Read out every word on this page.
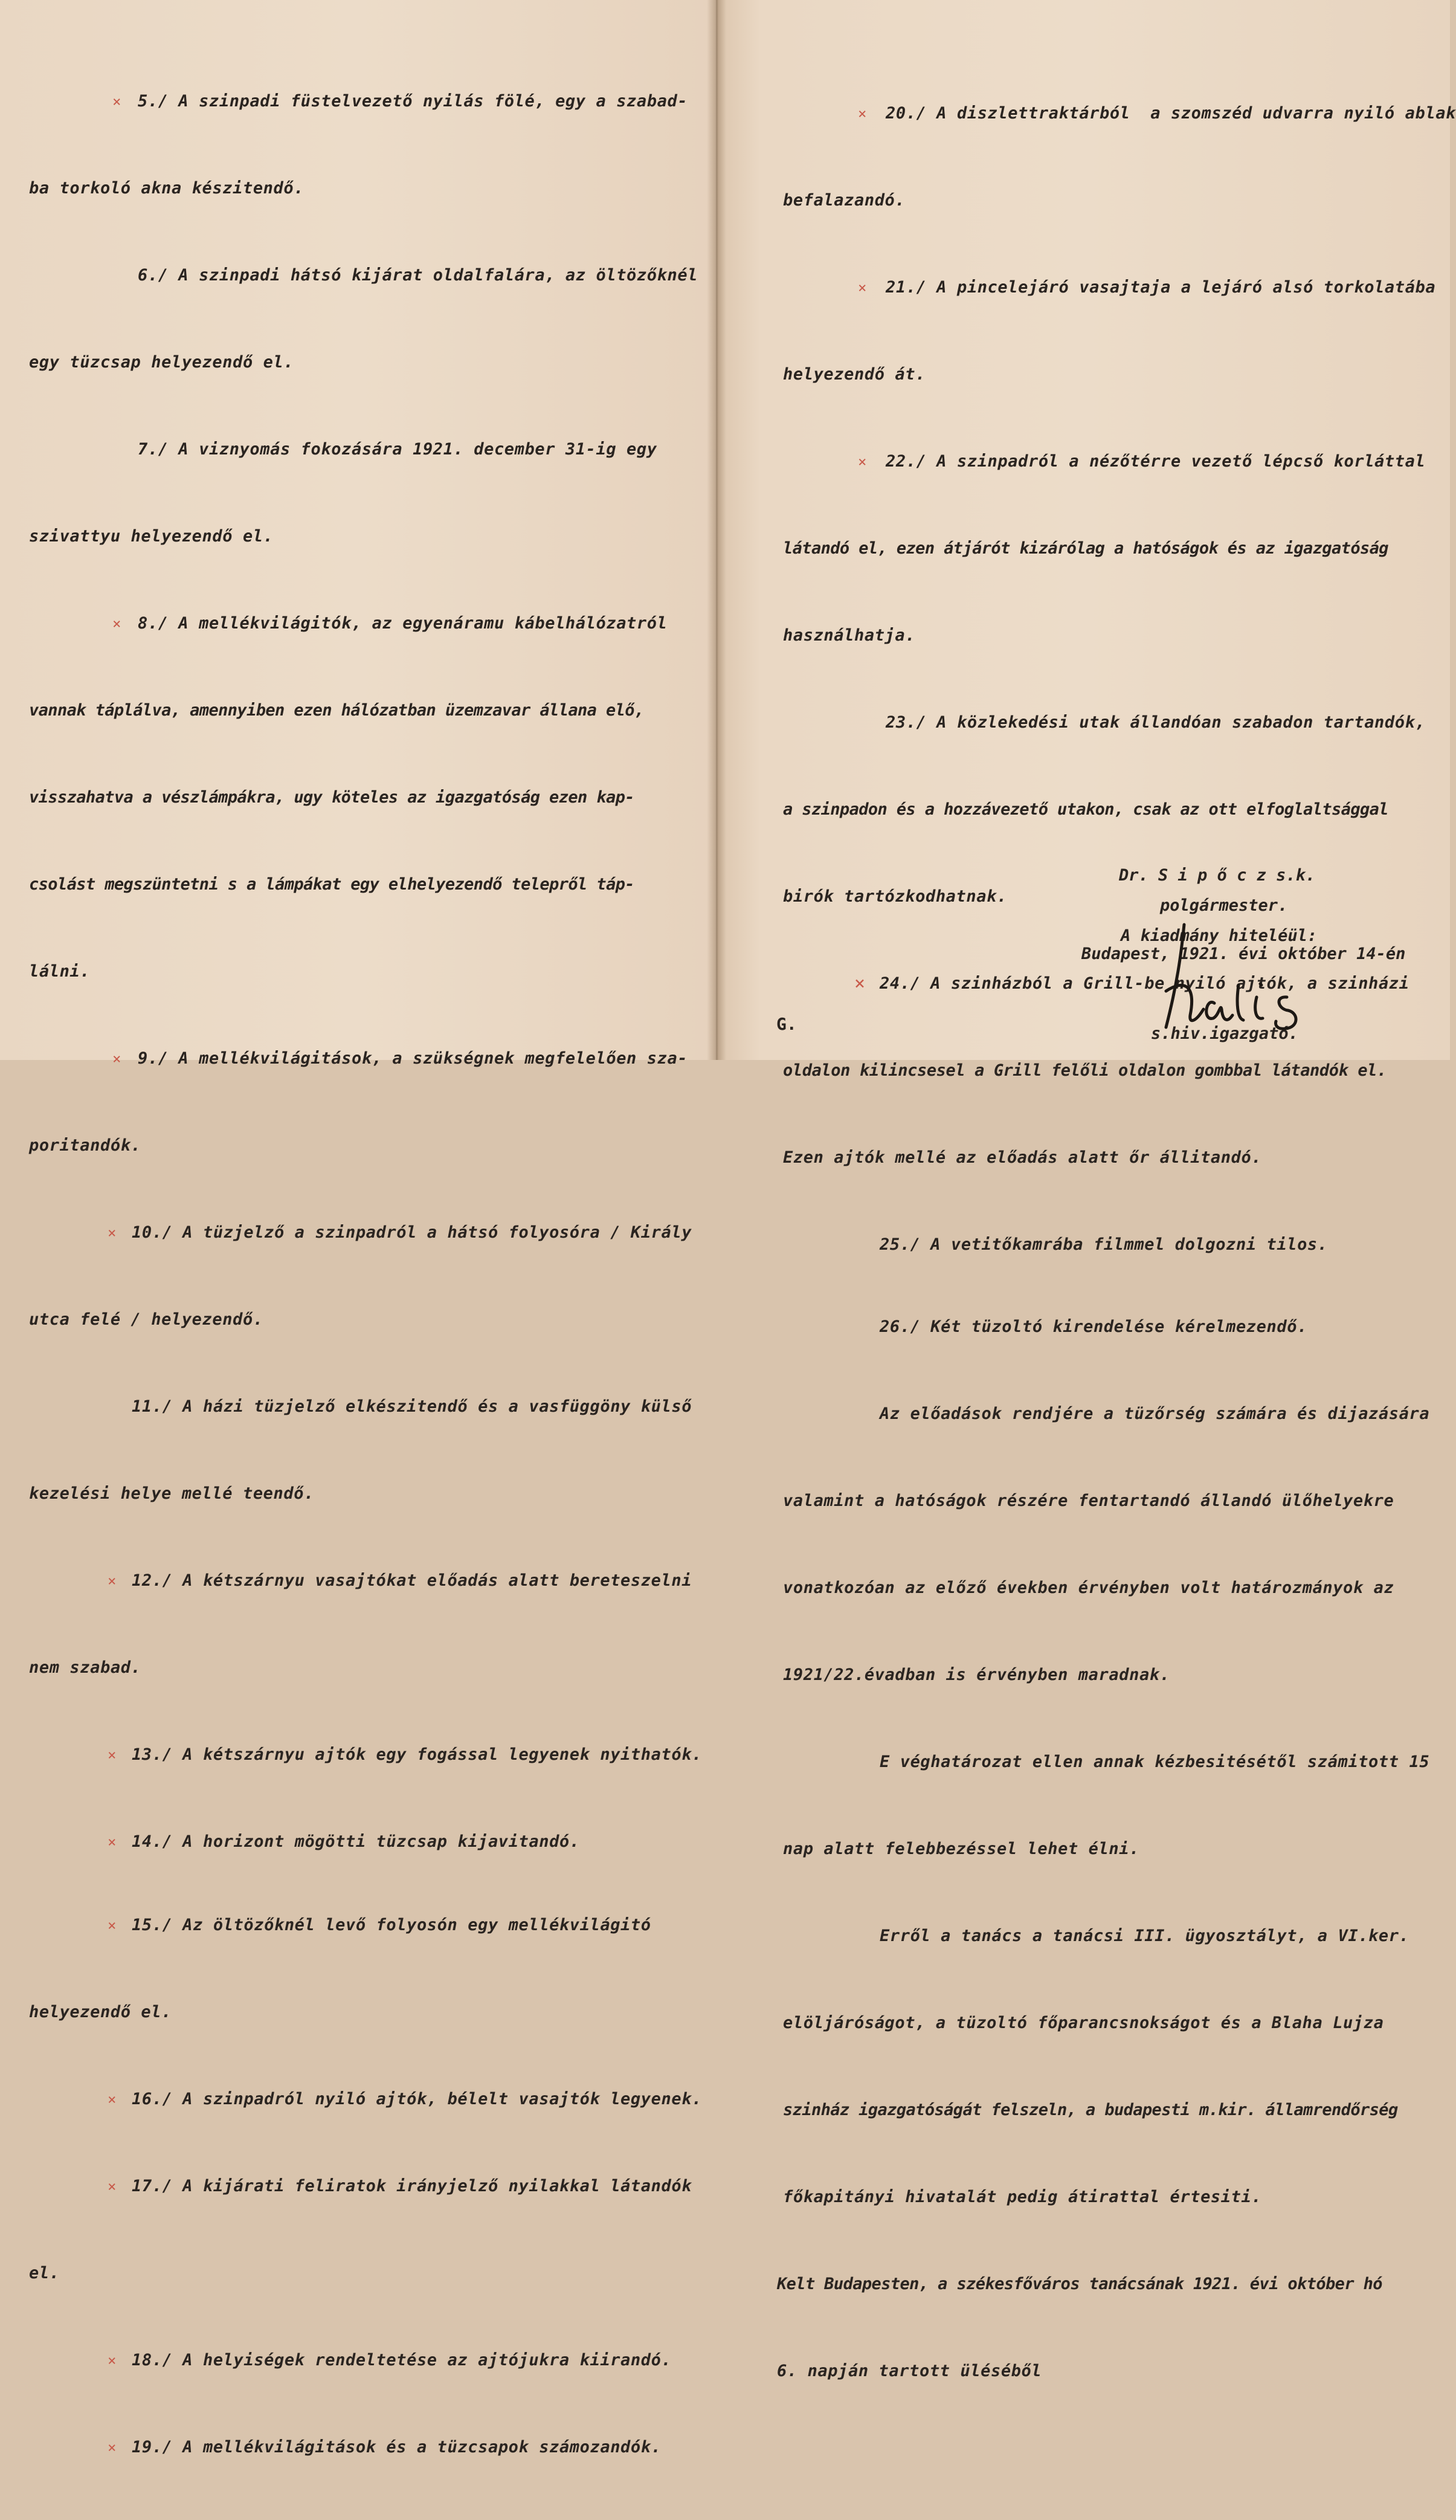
× 5./ A szinpadi füstelvezető nyilás fölé, egy a szabad-

ba torkoló akna készitendő.

6./ A szinpadi hátsó kijárat oldalfalára, az öltözőknél

egy tüzcsap helyezendő el.

7./ A viznyomás fokozására 1921. december 31-ig egy

szivattyu helyezendő el.

× 8./ A mellékvilágitók, az egyenáramu kábelhálózatról

vannak táplálva, amennyiben ezen hálózatban üzemzavar állana elő,

visszahatva a vészlámpákra, ugy köteles az igazgatóság ezen kap-

csolást megszüntetni s a lámpákat egy elhelyezendő telepről táp-

lálni.

× 9./ A mellékvilágitások, a szükségnek megfelelően sza-

poritandók.

× 10./ A tüzjelző a szinpadról a hátsó folyosóra / Király

utca felé / helyezendő.

11./ A házi tüzjelző elkészitendő és a vasfüggöny külső

kezelési helye mellé teendő.

× 12./ A kétszárnyu vasajtókat előadás alatt bereteszelni

nem szabad.

× 13./ A kétszárnyu ajtók egy fogással legyenek nyithatók.

× 14./ A horizont mögötti tüzcsap kijavitandó.

× 15./ Az öltözőknél levő folyosón egy mellékvilágitó

helyezendő el.

× 16./ A szinpadról nyiló ajtók, bélelt vasajtók legyenek.

× 17./ A kijárati feliratok irányjelző nyilakkal látandók

el.

× 18./ A helyiségek rendeltetése az ajtójukra kiirandó.

× 19./ A mellékvilágitások és a tüzcsapok számozandók.

× 20./ A diszlettraktárból  a szomszéd udvarra nyiló ablak

befalazandó.

× 21./ A pincelejáró vasajtaja a lejáró alsó torkolatába

helyezendő át.

× 22./ A szinpadról a nézőtérre vezető lépcső korláttal

látandó el, ezen átjárót kizárólag a hatóságok és az igazgatóság

használhatja.

23./ A közlekedési utak állandóan szabadon tartandók,

a szinpadon és a hozzávezető utakon, csak az ott elfoglaltsággal

birók tartózkodhatnak.

× 24./ A szinházból a Grill-be nyiló ajtók, a szinházi

oldalon kilincsesel a Grill felőli oldalon gombbal látandók el.

Ezen ajtók mellé az előadás alatt őr állitandó.

25./ A vetitőkamrába filmmel dolgozni tilos.

26./ Két tüzoltó kirendelése kérelmezendő.

Az előadások rendjére a tüzőrség számára és dijazására

valamint a hatóságok részére fentartandó állandó ülőhelyekre

vonatkozóan az előző években érvényben volt határozmányok az

1921/22.évadban is érvényben maradnak.

E véghatározat ellen annak kézbesitésétől számitott 15

nap alatt felebbezéssel lehet élni.

Erről a tanács a tanácsi III. ügyosztályt, a VI.ker.

elöljáróságot, a tüzoltó főparancsnokságot és a Blaha Lujza

szinház igazgatóságát felszeln, a budapesti m.kir. államrendőrség

főkapitányi hivatalát pedig átirattal értesiti.

Kelt Budapesten, a székesfőváros tanácsának 1921. évi október hó

6. napján tartott üléséből

Dr. S i p ő c z s.k.
polgármester.
A kiadmány hiteléül:
Budapest, 1921. évi október 14-én
s.hiv.igazgató.
G.
